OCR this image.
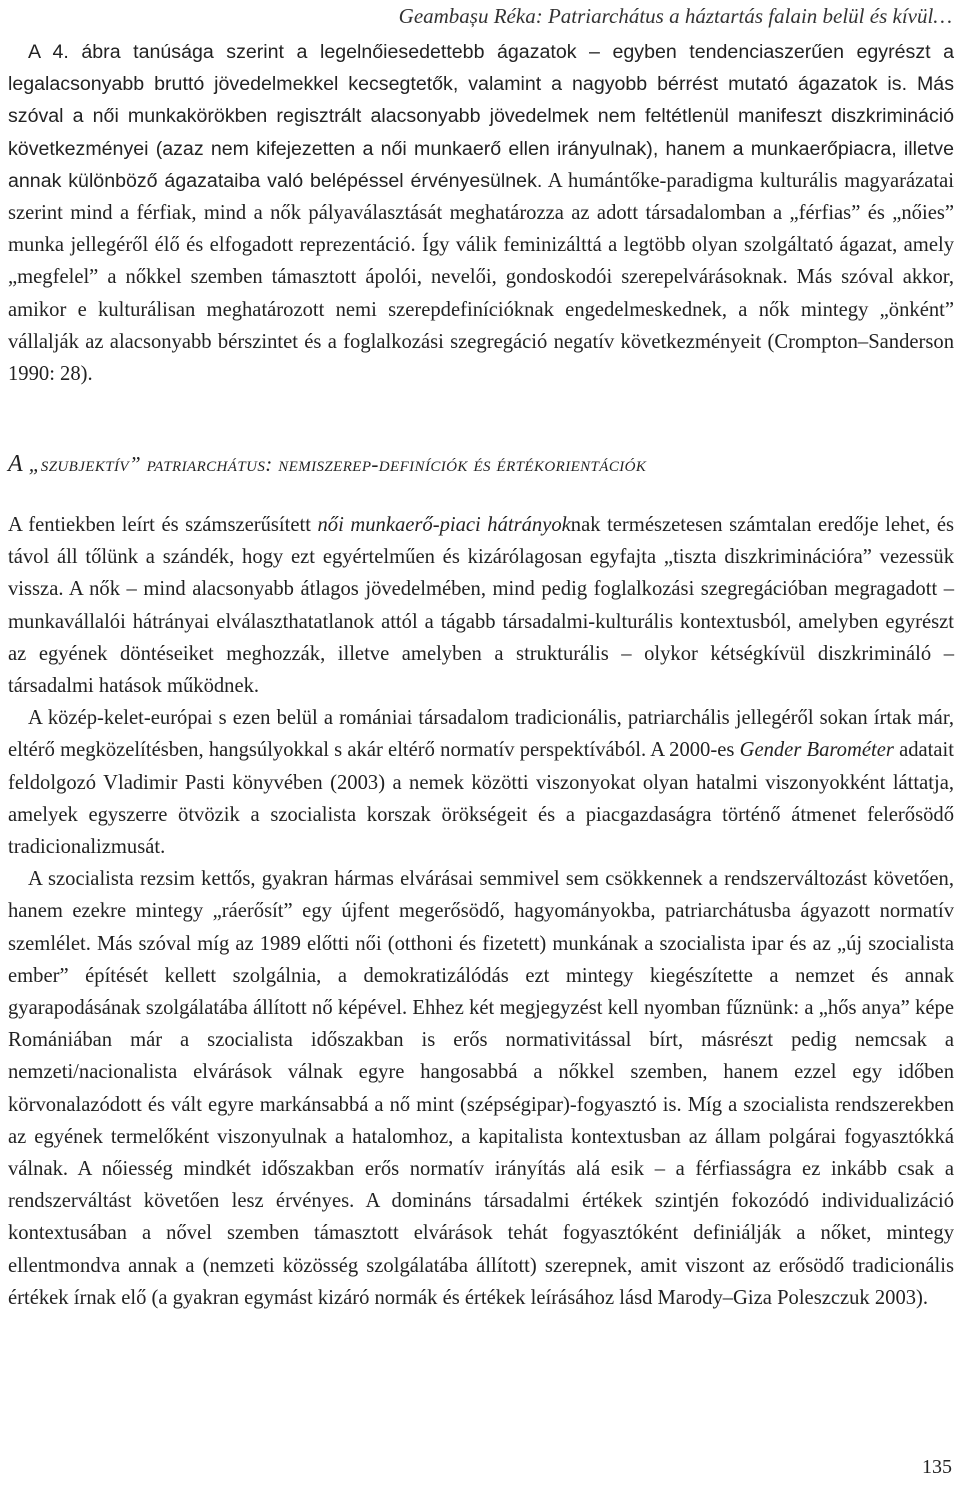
Geambașu Réka: Patriarchátus a háztartás falain belül és kívül…

A 4. ábra tanúsága szerint a legelnőiesedettebb ágazatok – egyben tendenciaszerűen egyrészt a legalacsonyabb bruttó jövedelmekkel kecsegtetők, valamint a nagyobb bérrést mutató ágazatok is. Más szóval a női munkakörökben regisztrált alacsonyabb jövedelmek nem feltétlenül manifeszt diszkrimináció következményei (azaz nem kifejezetten a női munkaerő ellen irányulnak), hanem a munkaerőpiacra, illetve annak különböző ágazataiba való belépéssel érvényesülnek. A humántőke-paradigma kulturális magyarázatai szerint mind a férfiak, mind a nők pályaválasztását meghatározza az adott társadalomban a „férfias” és „nőies” munka jellegéről élő és elfogadott reprezentáció. Így válik feminizálttá a legtöbb olyan szolgáltató ágazat, amely „megfelel” a nőkkel szemben támasztott ápolói, nevelői, gondoskodói szerepelvárásoknak. Más szóval akkor, amikor e kulturálisan meghatározott nemi szerepdefinícióknak engedelmeskednek, a nők mintegy „önként” vállalják az alacsonyabb bérszintet és a foglalkozási szegregáció negatív következményeit (Crompton–Sanderson 1990: 28).

A „szubjektív” patriarchátus: nemiszerep-definíciók és értékorientációk

A fentiekben leírt és számszerűsített női munkaerő-piaci hátrányoknak természetesen számtalan eredője lehet, és távol áll tőlünk a szándék, hogy ezt egyértelműen és kizárólagosan egyfajta „tiszta diszkriminációra” vezessük vissza. A nők – mind alacsonyabb átlagos jövedelmében, mind pedig foglalkozási szegregációban megragadott – munkavállalói hátrányai elválaszthatatlanok attól a tágabb társadalmi-kulturális kontextusból, amelyben egyrészt az egyének döntéseiket meghozzák, illetve amelyben a strukturális – olykor kétségkívül diszkrimináló – társadalmi hatások működnek.

A közép-kelet-európai s ezen belül a romániai társadalom tradicionális, patriarchális jellegéről sokan írtak már, eltérő megközelítésben, hangsúlyokkal s akár eltérő normatív perspektívából. A 2000-es Gender Barométer adatait feldolgozó Vladimir Pasti könyvében (2003) a nemek közötti viszonyokat olyan hatalmi viszonyokként láttatja, amelyek egyszerre ötvözik a szocialista korszak örökségeit és a piacgazdaságra történő átmenet felerősödő tradicionalizmusát.

A szocialista rezsim kettős, gyakran hármas elvárásai semmivel sem csökkennek a rendszerváltozást követően, hanem ezekre mintegy „ráerősít” egy újfent megerősödő, hagyományokba, patriarchátusba ágyazott normatív szemlélet. Más szóval míg az 1989 előtti női (otthoni és fizetett) munkának a szocialista ipar és az „új szocialista ember” építését kellett szolgálnia, a demokratizálódás ezt mintegy kiegészítette a nemzet és annak gyarapodásának szolgálatába állított nő képével. Ehhez két megjegyzést kell nyomban fűznünk: a „hős anya” képe Romániában már a szocialista időszakban is erős normativitással bírt, másrészt pedig nemcsak a nemzeti/nacionalista elvárások válnak egyre hangosabbá a nőkkel szemben, hanem ezzel egy időben körvonalazódott és vált egyre markánsabbá a nő mint (szépségipar)-fogyasztó is. Míg a szocialista rendszerekben az egyének termelőként viszonyulnak a hatalomhoz, a kapitalista kontextusban az állam polgárai fogyasztókká válnak. A nőiesség mindkét időszakban erős normatív irányítás alá esik – a férfiasságra ez inkább csak a rendszerváltást követően lesz érvényes. A domináns társadalmi értékek szintjén fokozódó individualizáció kontextusában a nővel szemben támasztott elvárások tehát fogyasztóként definiálják a nőket, mintegy ellentmondva annak a (nemzeti közösség szolgálatába állított) szerepnek, amit viszont az erősödő tradicionális értékek írnak elő (a gyakran egymást kizáró normák és értékek leírásához lásd Marody–Giza Poleszczuk 2003).

135
